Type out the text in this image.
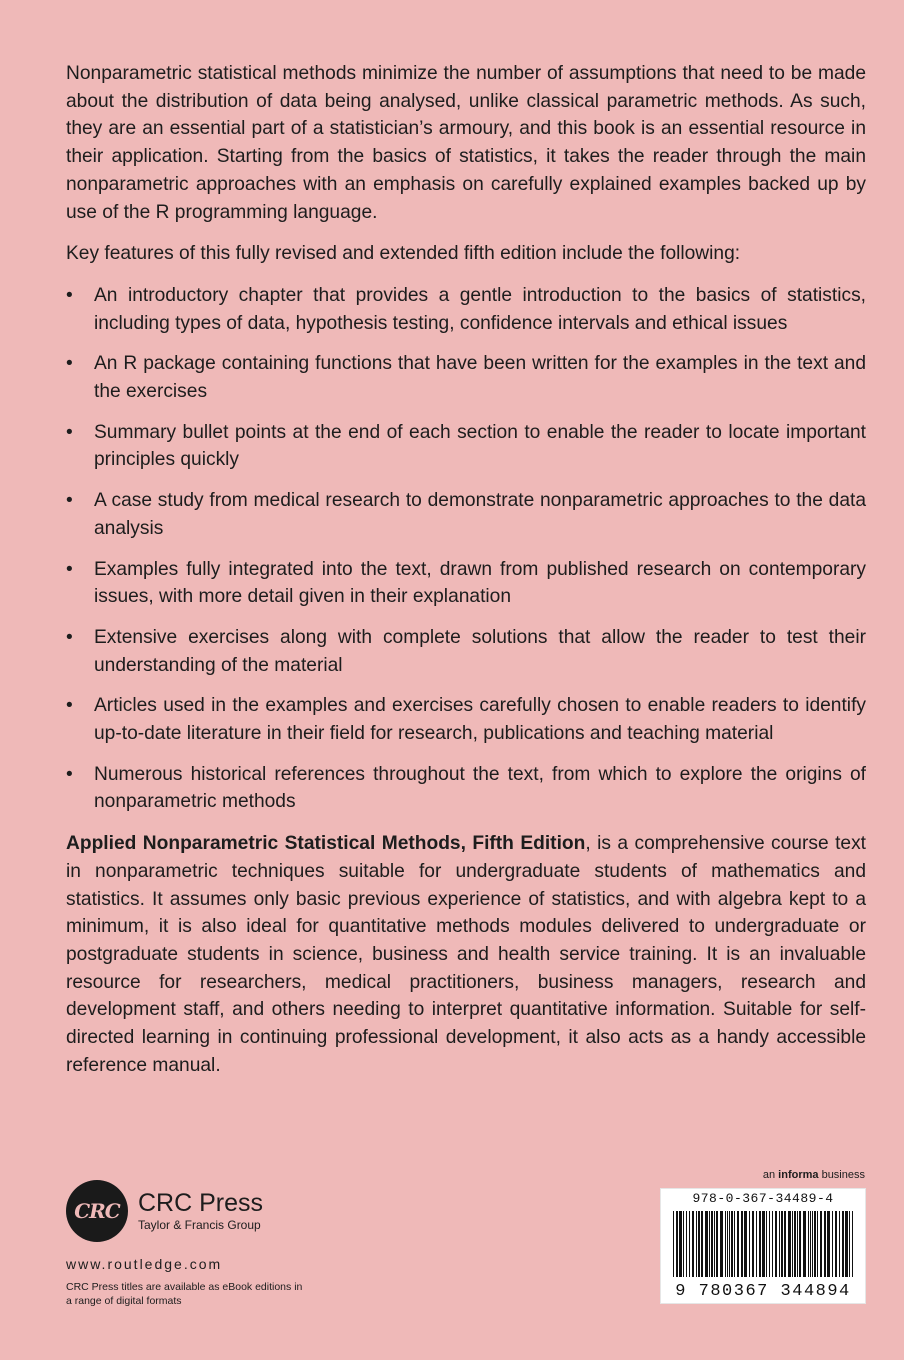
Nonparametric statistical methods minimize the number of assumptions that need to be made about the distribution of data being analysed, unlike classical parametric methods. As such, they are an essential part of a statistician’s armoury, and this book is an essential resource in their application. Starting from the basics of statistics, it takes the reader through the main nonparametric approaches with an emphasis on carefully explained examples backed up by use of the R programming language.

Key features of this fully revised and extended fifth edition include the following:

• An introductory chapter that provides a gentle introduction to the basics of statistics, including types of data, hypothesis testing, confidence intervals and ethical issues
• An R package containing functions that have been written for the examples in the text and the exercises
• Summary bullet points at the end of each section to enable the reader to locate important principles quickly
• A case study from medical research to demonstrate nonparametric approaches to the data analysis
• Examples fully integrated into the text, drawn from published research on contemporary issues, with more detail given in their explanation
• Extensive exercises along with complete solutions that allow the reader to test their understanding of the material
• Articles used in the examples and exercises carefully chosen to enable readers to identify up-to-date literature in their field for research, publications and teaching material
• Numerous historical references throughout the text, from which to explore the origins of nonparametric methods

Applied Nonparametric Statistical Methods, Fifth Edition, is a comprehensive course text in nonparametric techniques suitable for undergraduate students of mathematics and statistics. It assumes only basic previous experience of statistics, and with algebra kept to a minimum, it is also ideal for quantitative methods modules delivered to undergraduate or postgraduate students in science, business and health service training. It is an invaluable resource for researchers, medical practitioners, business managers, research and development staff, and others needing to interpret quantitative information. Suitable for self-directed learning in continuing professional development, it also acts as a handy accessible reference manual.

CRC CRC Press
Taylor & Francis Group
www.routledge.com
CRC Press titles are available as eBook editions in a range of digital formats
an informa business
978-0-367-34489-4
9 780367 344894
